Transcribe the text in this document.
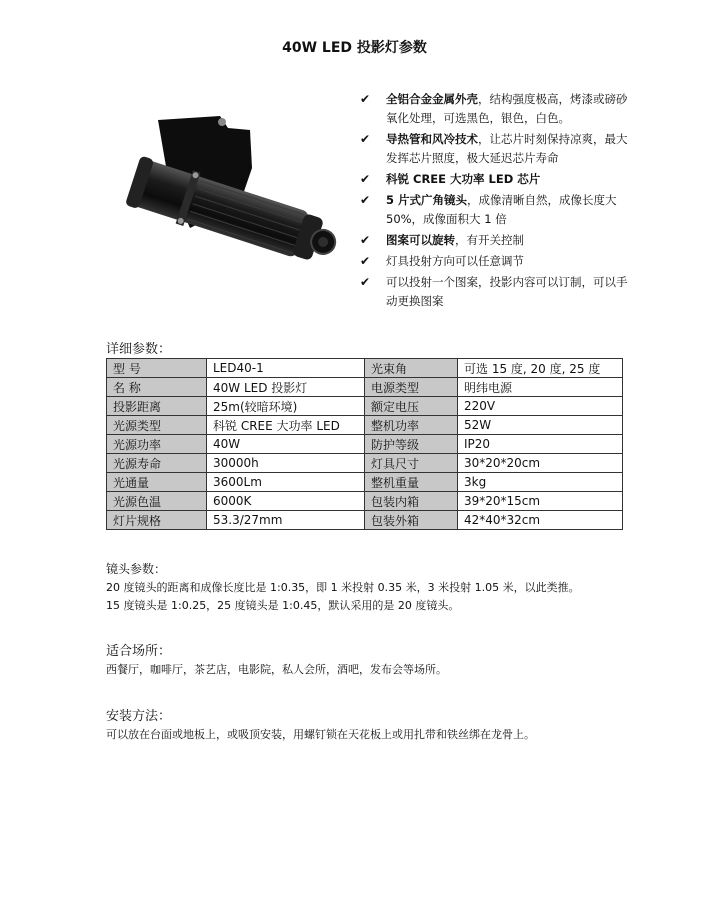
40W LED 投影灯参数
✔ 全铝合金金属外壳，结构强度极高，烤漆或磅砂氧化处理，可选黑色，银色，白色。
✔ 导热管和风冷技术，让芯片时刻保持凉爽，最大发挥芯片照度，极大延迟芯片寿命
✔ 科锐 CREE 大功率 LED 芯片
✔ 5 片式广角镜头，成像清晰自然，成像长度大 50%，成像面积大 1 倍
✔ 图案可以旋转，有开关控制
✔ 灯具投射方向可以任意调节
✔ 可以投射一个图案，投影内容可以订制，可以手动更换图案
详细参数：
型 号	LED40-1	光束角	可选 15 度, 20 度, 25 度
名 称	40W LED 投影灯	电源类型	明纬电源
投影距离	25m(较暗环境)	额定电压	220V
光源类型	科锐 CREE 大功率 LED	整机功率	52W
光源功率	40W	防护等级	IP20
光源寿命	30000h	灯具尺寸	30*20*20cm
光通量	3600Lm	整机重量	3kg
光源色温	6000K	包装内箱	39*20*15cm
灯片规格	53.3/27mm	包装外箱	42*40*32cm
镜头参数：
20 度镜头的距离和成像长度比是 1:0.35，即 1 米投射 0.35 米，3 米投射 1.05 米，以此类推。
15 度镜头是 1:0.25，25 度镜头是 1:0.45，默认采用的是 20 度镜头。
适合场所：
西餐厅，咖啡厅，茶艺店，电影院，私人会所，酒吧，发布会等场所。
安装方法：
可以放在台面或地板上，或吸顶安装，用螺钉锁在天花板上或用扎带和铁丝绑在龙骨上。
